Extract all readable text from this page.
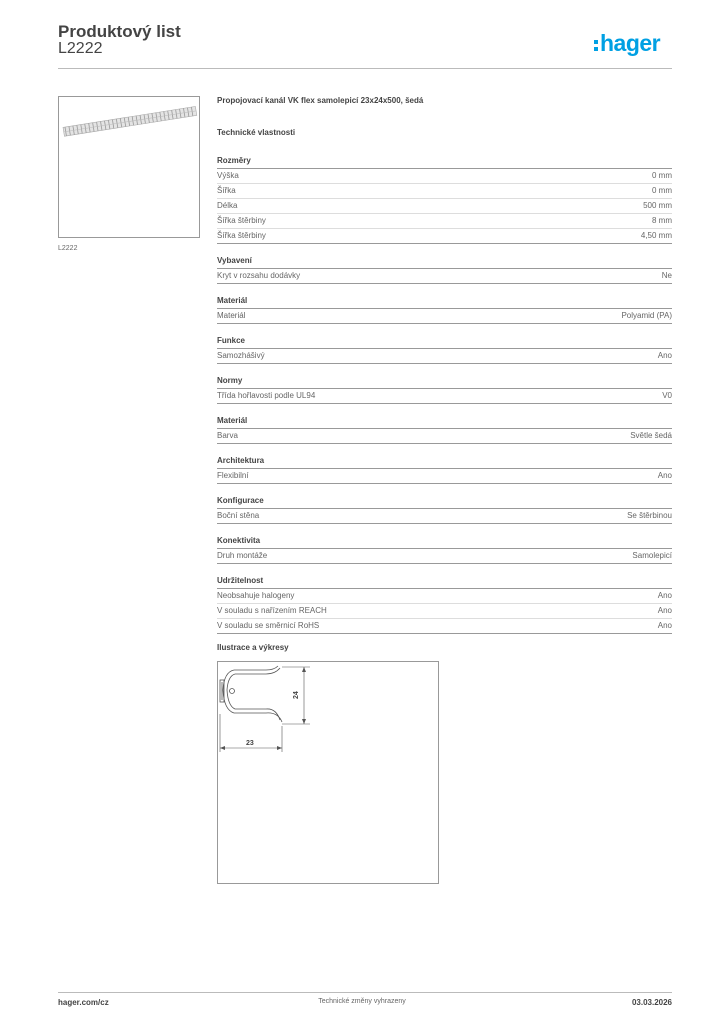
Produktový list
L2222	hager
L2222
Propojovací kanál VK flex samolepicí 23x24x500, šedá
Technické vlastnosti
Rozměry
Výška	0 mm
Šířka	0 mm
Délka	500 mm
Šířka štěrbiny	8 mm
Šířka štěrbiny	4,50 mm
Vybavení
Kryt v rozsahu dodávky	Ne
Materiál
Materiál	Polyamid (PA)
Funkce
Samozhášivý	Ano
Normy
Třída hořlavosti podle UL94	V0
Materiál
Barva	Světle šedá
Architektura
Flexibilní	Ano
Konfigurace
Boční stěna	Se štěrbinou
Konektivita
Druh montáže	Samolepicí
Udržitelnost
Neobsahuje halogeny	Ano
V souladu s nařízením REACH	Ano
V souladu se směrnicí RoHS	Ano
Ilustrace a výkresy
24
23
hager.com/cz	Technické změny vyhrazeny	03.03.2026
